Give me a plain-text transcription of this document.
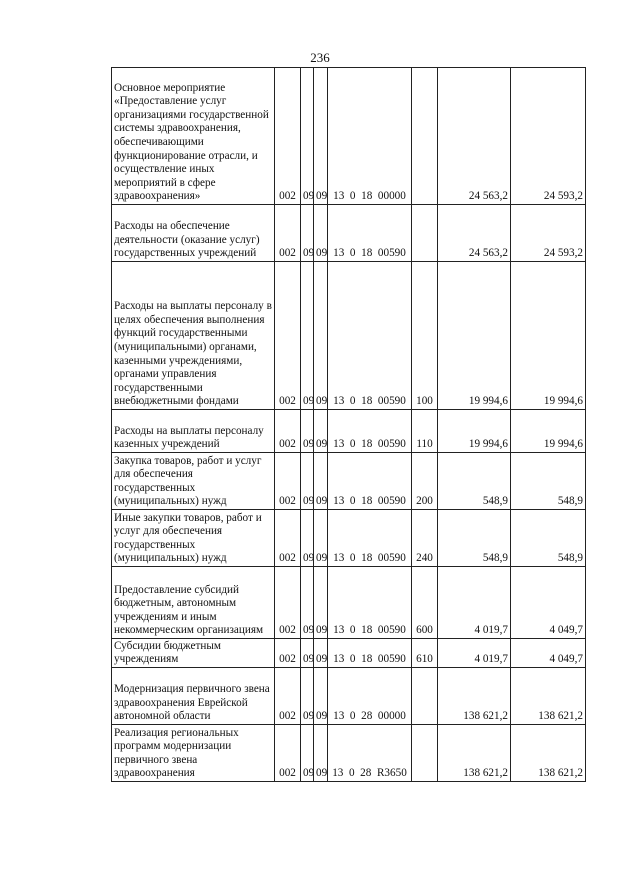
236
Основное мероприятие «Предоставление услуг организациями государственной системы здравоохранения, обеспечивающими функционирование отрасли, и осуществление иных мероприятий в сфере здравоохранения»	002	09	09	13 0 18 00000		24 563,2	24 593,2

Расходы на обеспечение деятельности (оказание услуг) государственных учреждений	002	09	09	13 0 18 00590		24 563,2	24 593,2

Расходы на выплаты персоналу в целях обеспечения выполнения функций государственными (муниципальными) органами, казенными учреждениями, органами управления государственными внебюджетными фондами	002	09	09	13 0 18 00590	100	19 994,6	19 994,6

Расходы на выплаты персоналу казенных учреждений	002	09	09	13 0 18 00590	110	19 994,6	19 994,6

Закупка товаров, работ и услуг для обеспечения государственных (муниципальных) нужд	002	09	09	13 0 18 00590	200	548,9	548,9

Иные закупки товаров, работ и услуг для обеспечения государственных (муниципальных) нужд	002	09	09	13 0 18 00590	240	548,9	548,9

Предоставление субсидий бюджетным, автономным учреждениям и иным некоммерческим организациям	002	09	09	13 0 18 00590	600	4 019,7	4 049,7

Субсидии бюджетным учреждениям	002	09	09	13 0 18 00590	610	4 019,7	4 049,7

Модернизация первичного звена здравоохранения Еврейской автономной области	002	09	09	13 0 28 00000		138 621,2	138 621,2

Реализация региональных программ модернизации первичного звена здравоохранения	002	09	09	13 0 28 R3650		138 621,2	138 621,2
